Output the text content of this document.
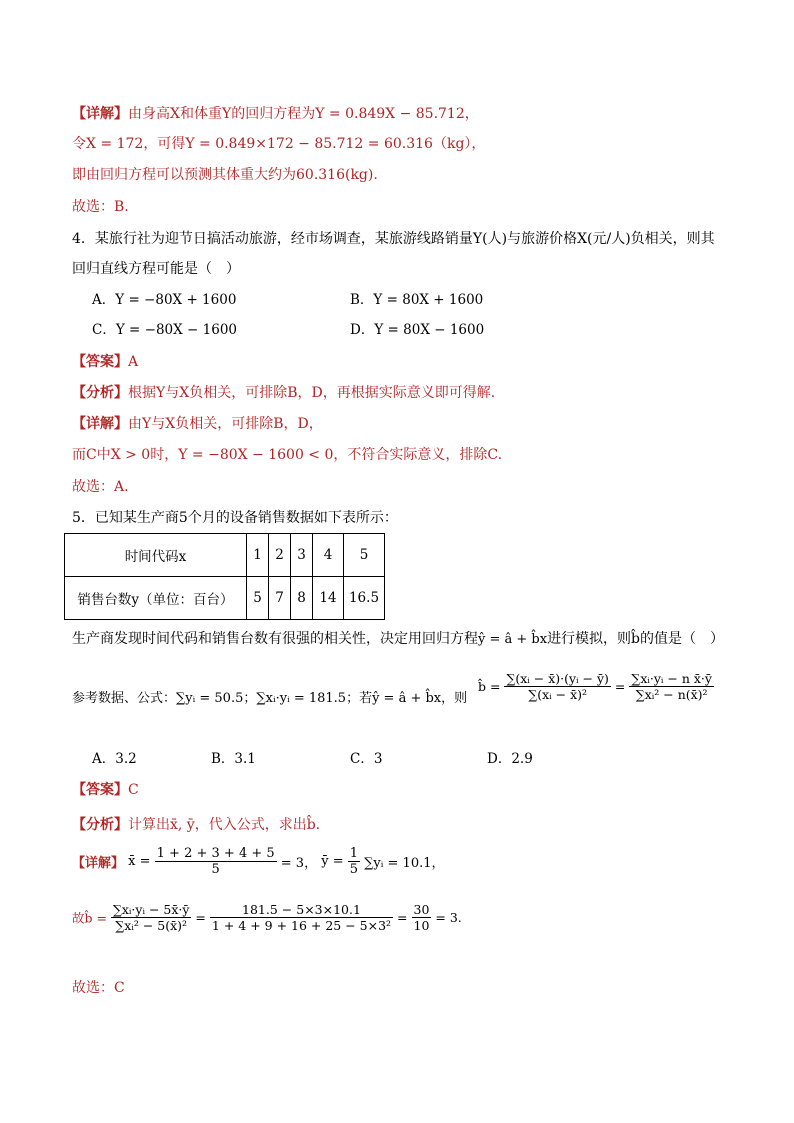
【详解】由身高X和体重Y的回归方程为Y = 0.849X − 85.712，
令X = 172，可得Y = 0.849×172 − 85.712 = 60.316（kg），
即由回归方程可以预测其体重大约为60.316(kg).
故选：B.
4．某旅行社为迎节日搞活动旅游，经市场调查，某旅游线路销量Y(人)与旅游价格X(元/人)负相关，则其
回归直线方程可能是（　）
A．Y = −80X + 1600	B．Y = 80X + 1600
C．Y = −80X − 1600	D．Y = 80X − 1600
【答案】A
【分析】根据Y与X负相关，可排除B，D，再根据实际意义即可得解.
【详解】由Y与X负相关，可排除B，D，
而C中X > 0时，Y = −80X − 1600 < 0，不符合实际意义，排除C.
故选：A.
5．已知某生产商5个月的设备销售数据如下表所示：
时间代码x	1	2	3	4	5
销售台数y（单位：百台）	5	7	8	14	16.5
生产商发现时间代码和销售台数有很强的相关性，决定用回归方程ŷ = â + b̂x进行模拟，则b̂的值是（　）
参考数据、公式：∑yᵢ = 50.5；∑xᵢ·yᵢ = 181.5；若ŷ = â + b̂x，则
b̂ = $\frac{\text{∑(xᵢ − x̄)·(yᵢ − ȳ)}}{\text{∑(xᵢ − x̄)²}} = \frac{\text{∑xᵢ·yᵢ − n x̄·ȳ}}{\text{∑xᵢ² − n(x̄)²}}$
A．3.2	B．3.1	C．3	D．2.9
【答案】C
【分析】计算出x̄, ȳ，代入公式，求出b̂.
【详解】 x̄ = $\frac{1 + 2 + 3 + 4 + 5}{5} = 3$， ȳ = $\frac{1}{5}$ ∑yᵢ = 10.1，
故b̂ = $\frac{\text{∑xᵢ·yᵢ − 5x̄·ȳ}}{\text{∑xᵢ² − 5(x̄)²}} = \frac{181.5 - 5\times 3\times 10.1}{\text{1 + 4 + 9 + 16 + 25 − 5×3²}} = \frac{30}{10} = 3$.
故选：C
